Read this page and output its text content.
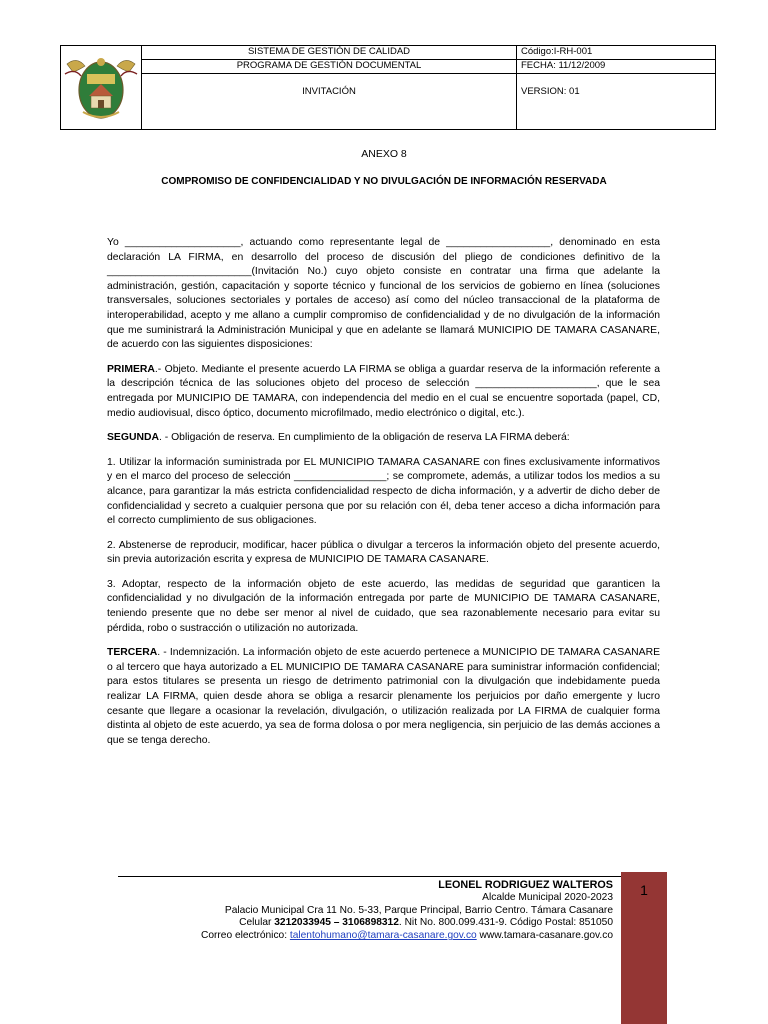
	SISTEMA DE GESTIÓN DE CALIDAD	Código:I-RH-001
	PROGRAMA DE GESTIÓN DOCUMENTAL	FECHA: 11/12/2009
	INVITACIÓN	VERSION: 01
ANEXO 8
COMPROMISO DE CONFIDENCIALIDAD Y NO DIVULGACIÓN DE INFORMACIÓN RESERVADA

Yo ____________________, actuando como representante legal de __________________, denominado en esta declaración LA FIRMA, en desarrollo del proceso de discusión del pliego de condiciones definitivo de la _________________________(Invitación No.) cuyo objeto consiste en contratar una firma que adelante la administración, gestión, capacitación y soporte técnico y funcional de los servicios de gobierno en línea (soluciones transversales, soluciones sectoriales y portales de acceso) así como del núcleo transaccional de la plataforma de interoperabilidad, acepto y me allano a cumplir compromiso de confidencialidad y de no divulgación de la información que me suministrará la Administración Municipal y que en adelante se llamará MUNICIPIO DE TAMARA CASANARE, de acuerdo con las siguientes disposiciones:

PRIMERA.- Objeto. Mediante el presente acuerdo LA FIRMA se obliga a guardar reserva de la información referente a la descripción técnica de las soluciones objeto del proceso de selección _____________________, que le sea entregada por MUNICIPIO DE TAMARA, con independencia del medio en el cual se encuentre soportada (papel, CD, medio audiovisual, disco óptico, documento microfilmado, medio electrónico o digital, etc.).

SEGUNDA. - Obligación de reserva. En cumplimiento de la obligación de reserva LA FIRMA deberá:

1. Utilizar la información suministrada por EL MUNICIPIO TAMARA CASANARE con fines exclusivamente informativos y en el marco del proceso de selección ________________; se compromete, además, a utilizar todos los medios a su alcance, para garantizar la más estricta confidencialidad respecto de dicha información, y a advertir de dicho deber de confidencialidad y secreto a cualquier persona que por su relación con él, deba tener acceso a dicha información para el correcto cumplimiento de sus obligaciones.

2. Abstenerse de reproducir, modificar, hacer pública o divulgar a terceros la información objeto del presente acuerdo, sin previa autorización escrita y expresa de MUNICIPIO DE TAMARA CASANARE.

3. Adoptar, respecto de la información objeto de este acuerdo, las medidas de seguridad que garanticen la confidencialidad y no divulgación de la información entregada por parte de MUNICIPIO DE TAMARA CASANARE, teniendo presente que no debe ser menor al nivel de cuidado, que sea razonablemente necesario para evitar su pérdida, robo o sustracción o utilización no autorizada.

TERCERA. - Indemnización. La información objeto de este acuerdo pertenece a MUNICIPIO DE TAMARA CASANARE o al tercero que haya autorizado a EL MUNICIPIO DE TAMARA CASANARE para suministrar información confidencial; para estos titulares se presenta un riesgo de detrimento patrimonial con la divulgación que indebidamente pueda realizar LA FIRMA, quien desde ahora se obliga a resarcir plenamente los perjuicios por daño emergente y lucro cesante que llegare a ocasionar la revelación, divulgación, o utilización realizada por LA FIRMA de cualquier forma distinta al objeto de este acuerdo, ya sea de forma dolosa o por mera negligencia, sin perjuicio de las demás acciones a que se tenga derecho.

LEONEL RODRIGUEZ WALTEROS
Alcalde Municipal 2020-2023
Palacio Municipal Cra 11 No. 5-33, Parque Principal, Barrio Centro. Támara Casanare
Celular 3212033945 – 3106898312. Nit No. 800.099.431-9. Código Postal: 851050
Correo electrónico: talentohumano@tamara-casanare.gov.co www.tamara-casanare.gov.co
1
